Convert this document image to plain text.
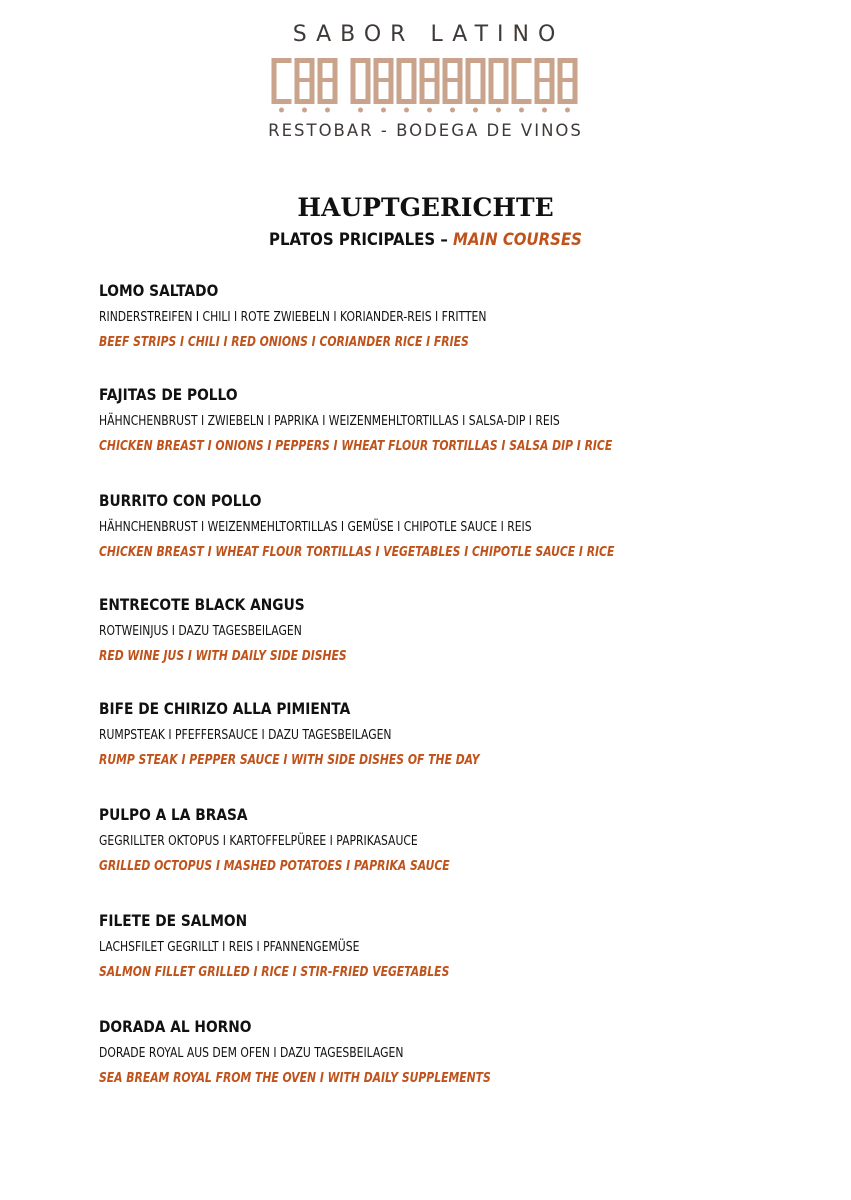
SABOR LATINO
RESTOBAR - BODEGA DE VINOS
HAUPTGERICHTE
PLATOS PRICIPALES – MAIN COURSES
LOMO SALTADO
RINDERSTREIFEN I CHILI I ROTE ZWIEBELN I KORIANDER-REIS I FRITTEN
BEEF STRIPS I CHILI I RED ONIONS I CORIANDER RICE I FRIES
FAJITAS DE POLLO
HÄHNCHENBRUST I ZWIEBELN I PAPRIKA I WEIZENMEHLTORTILLAS I SALSA-DIP I REIS
CHICKEN BREAST I ONIONS I PEPPERS I WHEAT FLOUR TORTILLAS I SALSA DIP I RICE
BURRITO CON POLLO
HÄHNCHENBRUST I WEIZENMEHLTORTILLAS I GEMÜSE I CHIPOTLE SAUCE I REIS
CHICKEN BREAST I WHEAT FLOUR TORTILLAS I VEGETABLES I CHIPOTLE SAUCE I RICE
ENTRECOTE BLACK ANGUS
ROTWEINJUS I DAZU TAGESBEILAGEN
RED WINE JUS I WITH DAILY SIDE DISHES
BIFE DE CHIRIZO ALLA PIMIENTA
RUMPSTEAK I PFEFFERSAUCE I DAZU TAGESBEILAGEN
RUMP STEAK I PEPPER SAUCE I WITH SIDE DISHES OF THE DAY
PULPO A LA BRASA
GEGRILLTER OKTOPUS I KARTOFFELPÜREE I PAPRIKASAUCE
GRILLED OCTOPUS I MASHED POTATOES I PAPRIKA SAUCE
FILETE DE SALMON
LACHSFILET GEGRILLT I REIS I PFANNENGEMÜSE
SALMON FILLET GRILLED I RICE I STIR-FRIED VEGETABLES
DORADA AL HORNO
DORADE ROYAL AUS DEM OFEN I DAZU TAGESBEILAGEN
SEA BREAM ROYAL FROM THE OVEN I WITH DAILY SUPPLEMENTS
